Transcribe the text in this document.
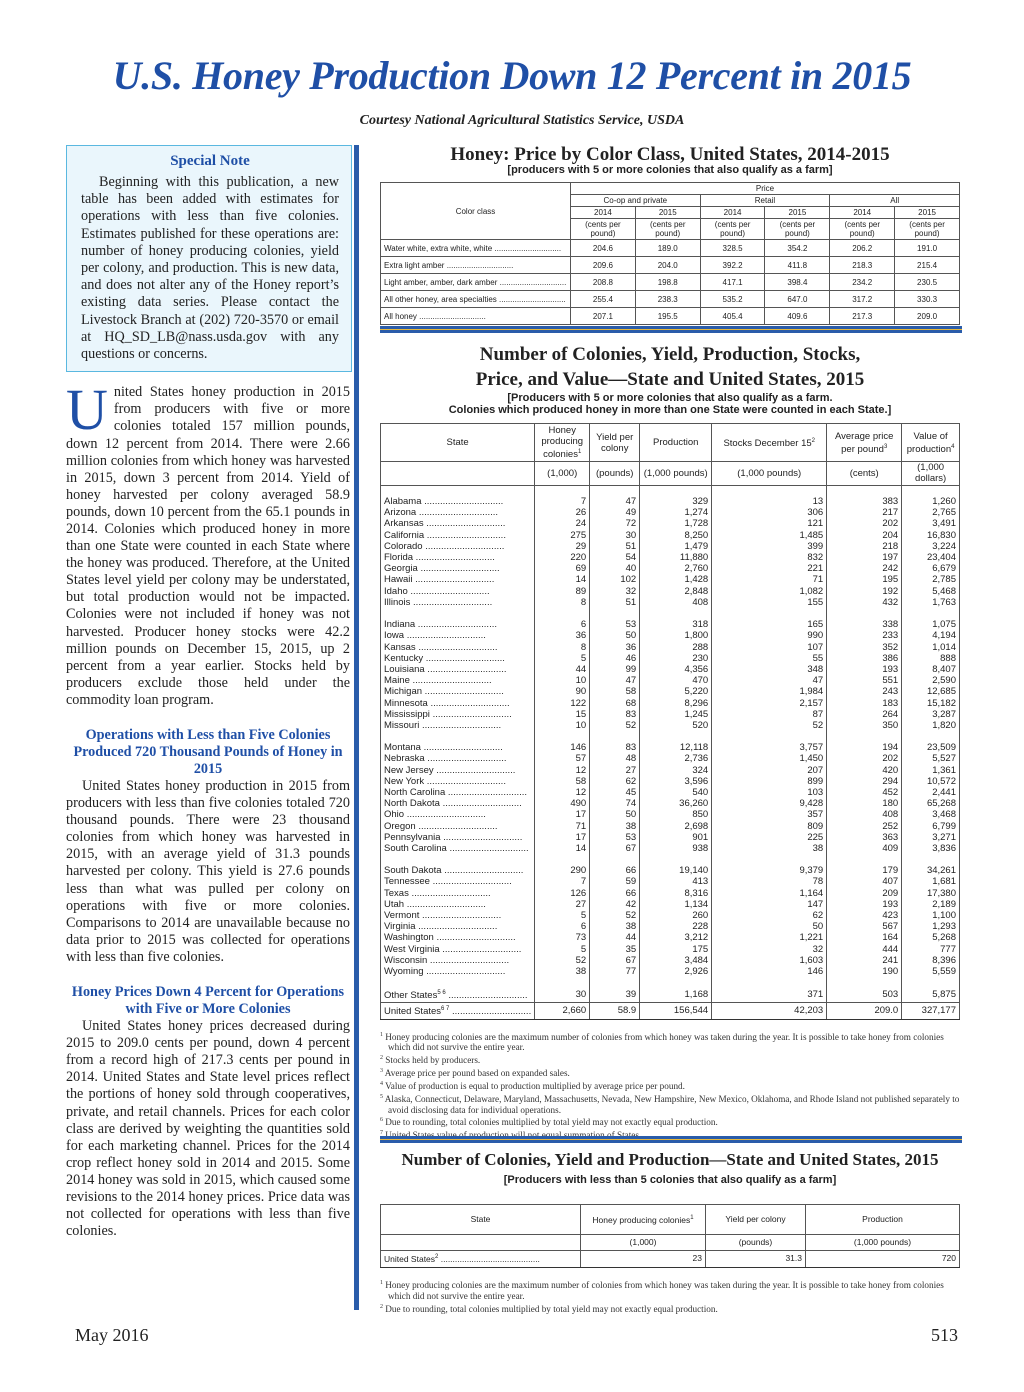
U.S. Honey Production Down 12 Percent in 2015
Courtesy National Agricultural Statistics Service, USDA
Special Note

Beginning with this publication, a new table has been added with estimates for operations with less than five colonies. Estimates published for these operations are: number of honey producing colonies, yield per colony, and production. This is new data, and does not alter any of the Honey report’s existing data series. Please contact the Livestock Branch at (202) 720-3570 or email at HQ_SD_LB@nass.usda.gov with any questions or concerns.

United States honey production in 2015 from producers with five or more colonies totaled 157 million pounds, down 12 percent from 2014. There were 2.66 million colonies from which honey was harvested in 2015, down 3 percent from 2014. Yield of honey harvested per colony averaged 58.9 pounds, down 10 percent from the 65.1 pounds in 2014. Colonies which produced honey in more than one State were counted in each State where the honey was produced. Therefore, at the United States level yield per colony may be understated, but total production would not be impacted. Colonies were not included if honey was not harvested. Producer honey stocks were 42.2 million pounds on December 15, 2015, up 2 percent from a year earlier. Stocks held by producers exclude those held under the commodity loan program.
Operations with Less than Five Colonies Produced 720 Thousand Pounds of Honey in 2015
United States honey production in 2015 from producers with less than five colonies totaled 720 thousand pounds. There were 23 thousand colonies from which honey was harvested in 2015, with an average yield of 31.3 pounds harvested per colony. This yield is 27.6 pounds less than what was pulled per colony on operations with five or more colonies. Comparisons to 2014 are unavailable because no data prior to 2015 was collected for operations with less than five colonies.
Honey Prices Down 4 Percent for Operations with Five or More Colonies
United States honey prices decreased during 2015 to 209.0 cents per pound, down 4 percent from a record high of 217.3 cents per pound in 2014. United States and State level prices reflect the portions of honey sold through cooperatives, private, and retail channels. Prices for each color class are derived by weighting the quantities sold for each marketing channel. Prices for the 2014 crop reflect honey sold in 2014 and 2015. Some 2014 honey was sold in 2015, which caused some revisions to the 2014 honey prices. Price data was not collected for operations with less than five colonies.
Honey: Price by Color Class, United States, 2014-2015
[producers with 5 or more colonies that also qualify as a farm]
Color class	Price					
	Co-op and private		Retail		All	
	2014	2015	2014	2015	2014	2015
	(cents per pound)	(cents per pound)	(cents per pound)	(cents per pound)	(cents per pound)	(cents per pound)
Water white, extra white, white ..............................	204.6	189.0	328.5	354.2	206.2	191.0
Extra light amber ..............................	209.6	204.0	392.2	411.8	218.3	215.4
Light amber, amber, dark amber ..............................	208.8	198.8	417.1	398.4	234.2	230.5
All other honey, area specialties ..............................	255.4	238.3	535.2	647.0	317.2	330.3
All honey ..............................	207.1	195.5	405.4	409.6	217.3	209.0
Number of Colonies, Yield, Production, Stocks,
Price, and Value—State and United States, 2015
[Producers with 5 or more colonies that also qualify as a farm.
Colonies which produced honey in more than one State were counted in each State.]
State	Honey producing colonies$^1$	Yield per colony	Production	Stocks December $15^2$	Average price per pound$^3$	Value of production$^4$
	(1,000)	(pounds)	(1,000 pounds)	(1,000 pounds)	(cents)	(1,000 dollars)

Alabama ..............................	7	47	329	13	383	1,260
Arizona ..............................	26	49	1,274	306	217	2,765
Arkansas ..............................	24	72	1,728	121	202	3,491
California ..............................	275	30	8,250	1,485	204	16,830
Colorado ..............................	29	51	1,479	399	218	3,224
Florida ..............................	220	54	11,880	832	197	23,404
Georgia ..............................	69	40	2,760	221	242	6,679
Hawaii ..............................	14	102	1,428	71	195	2,785
Idaho ..............................	89	32	2,848	1,082	192	5,468
Illinois ..............................	8	51	408	155	432	1,763

Indiana ..............................	6	53	318	165	338	1,075
Iowa ..............................	36	50	1,800	990	233	4,194
Kansas ..............................	8	36	288	107	352	1,014
Kentucky ..............................	5	46	230	55	386	888
Louisiana ..............................	44	99	4,356	348	193	8,407
Maine ..............................	10	47	470	47	551	2,590
Michigan ..............................	90	58	5,220	1,984	243	12,685
Minnesota ..............................	122	68	8,296	2,157	183	15,182
Mississippi ..............................	15	83	1,245	87	264	3,287
Missouri ..............................	10	52	520	52	350	1,820

Montana ..............................	146	83	12,118	3,757	194	23,509
Nebraska ..............................	57	48	2,736	1,450	202	5,527
New Jersey ..............................	12	27	324	207	420	1,361
New York ..............................	58	62	3,596	899	294	10,572
North Carolina ..............................	12	45	540	103	452	2,441
North Dakota ..............................	490	74	36,260	9,428	180	65,268
Ohio ..............................	17	50	850	357	408	3,468
Oregon ..............................	71	38	2,698	809	252	6,799
Pennsylvania ..............................	17	53	901	225	363	3,271
South Carolina ..............................	14	67	938	38	409	3,836

South Dakota ..............................	290	66	19,140	9,379	179	34,261
Tennessee ..............................	7	59	413	78	407	1,681
Texas ..............................	126	66	8,316	1,164	209	17,380
Utah ..............................	27	42	1,134	147	193	2,189
Vermont ..............................	5	52	260	62	423	1,100
Virginia ..............................	6	38	228	50	567	1,293
Washington ..............................	73	44	3,212	1,221	164	5,268
West Virginia ..............................	5	35	175	32	444	777
Wisconsin ..............................	52	67	3,484	1,603	241	8,396
Wyoming ..............................	38	77	2,926	146	190	5,559

Other States$^{5 6}$ ..............................	30	39	1,168	371	503	5,875
United States$^{6 7}$ ..............................	2,660	58.9	156,544	42,203	209.0	327,177
$^1$ Honey producing colonies are the maximum number of colonies from which honey was taken during the year. It is possible to take honey from colonies which did not survive the entire year.
$^2$ Stocks held by producers.
$^3$ Average price per pound based on expanded sales.
$^4$ Value of production is equal to production multiplied by average price per pound.
$^5$ Alaska, Connecticut, Delaware, Maryland, Massachusetts, Nevada, New Hampshire, New Mexico, Oklahoma, and Rhode Island not published separately to avoid disclosing data for individual operations.
$^6$ Due to rounding, total colonies multiplied by total yield may not exactly equal production.
$^7$
Number of Colonies, Yield and Production—State and United States, 2015
[Producers with less than 5 colonies that also qualify as a farm]
State	Honey producing colonies$^1$	Yield per colony	Production
	(1,000)	(pounds)	(1,000 pounds)
United States$^2$ ..........................................	23	31.3	720
$^1$ Honey producing colonies are the maximum number of colonies from which honey was taken during the year. It is possible to take honey from colonies which did not survive the entire year.
$^2$ Due to rounding, total colonies multiplied by total yield may not exactly equal production.
May 2016	513
